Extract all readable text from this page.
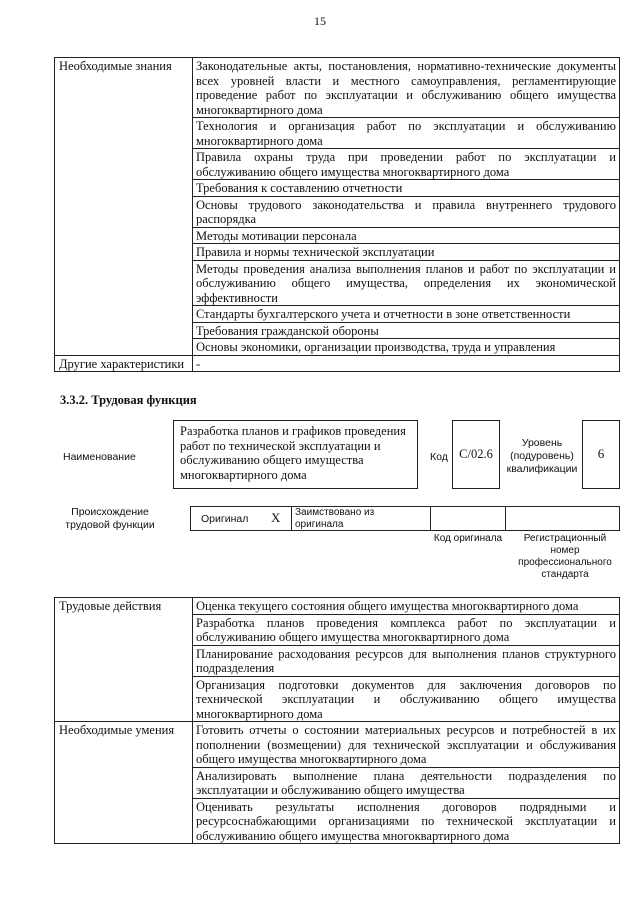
15
Необходимые знания	Законодательные акты, постановления, нормативно-технические документы всех уровней власти и местного самоуправления, регламентирующие проведение работ по эксплуатации и обслуживанию общего имущества многоквартирного дома
	Технология и организация работ по эксплуатации и обслуживанию многоквартирного дома
	Правила охраны труда при проведении работ по эксплуатации и обслуживанию общего имущества многоквартирного дома
	Требования к составлению отчетности
	Основы трудового законодательства и правила внутреннего трудового распорядка
	Методы мотивации персонала
	Правила и нормы технической эксплуатации
	Методы проведения анализа выполнения планов и работ по эксплуатации и обслуживанию общего имущества, определения их экономической эффективности
	Стандарты бухгалтерского учета и отчетности в зоне ответственности
	Требования гражданской обороны
	Основы экономики, организации производства, труда и управления
Другие характеристики	-
3.3.2. Трудовая функция
Наименование
Разработка планов и графиков проведения работ по технической эксплуатации и обслуживанию общего имущества многоквартирного дома
Код C/02.6
Уровень (подуровень) квалификации
6
Происхождение трудовой функции	Оригинал X Заимствовано из оригинала
Код оригинала	Регистрационный номер профессионального стандарта
Трудовые действия	Оценка текущего состояния общего имущества многоквартирного дома
	Разработка планов проведения комплекса работ по эксплуатации и обслуживанию общего имущества многоквартирного дома
	Планирование расходования ресурсов для выполнения планов структурного подразделения
	Организация подготовки документов для заключения договоров по технической эксплуатации и обслуживанию общего имущества многоквартирного дома
Необходимые умения	Готовить отчеты о состоянии материальных ресурсов и потребностей в их пополнении (возмещении) для технической эксплуатации и обслуживания общего имущества многоквартирного дома
	Анализировать выполнение плана деятельности подразделения по эксплуатации и обслуживанию общего имущества
	Оценивать результаты исполнения договоров подрядными и ресурсоснабжающими организациями по технической эксплуатации и обслуживанию общего имущества многоквартирного дома
